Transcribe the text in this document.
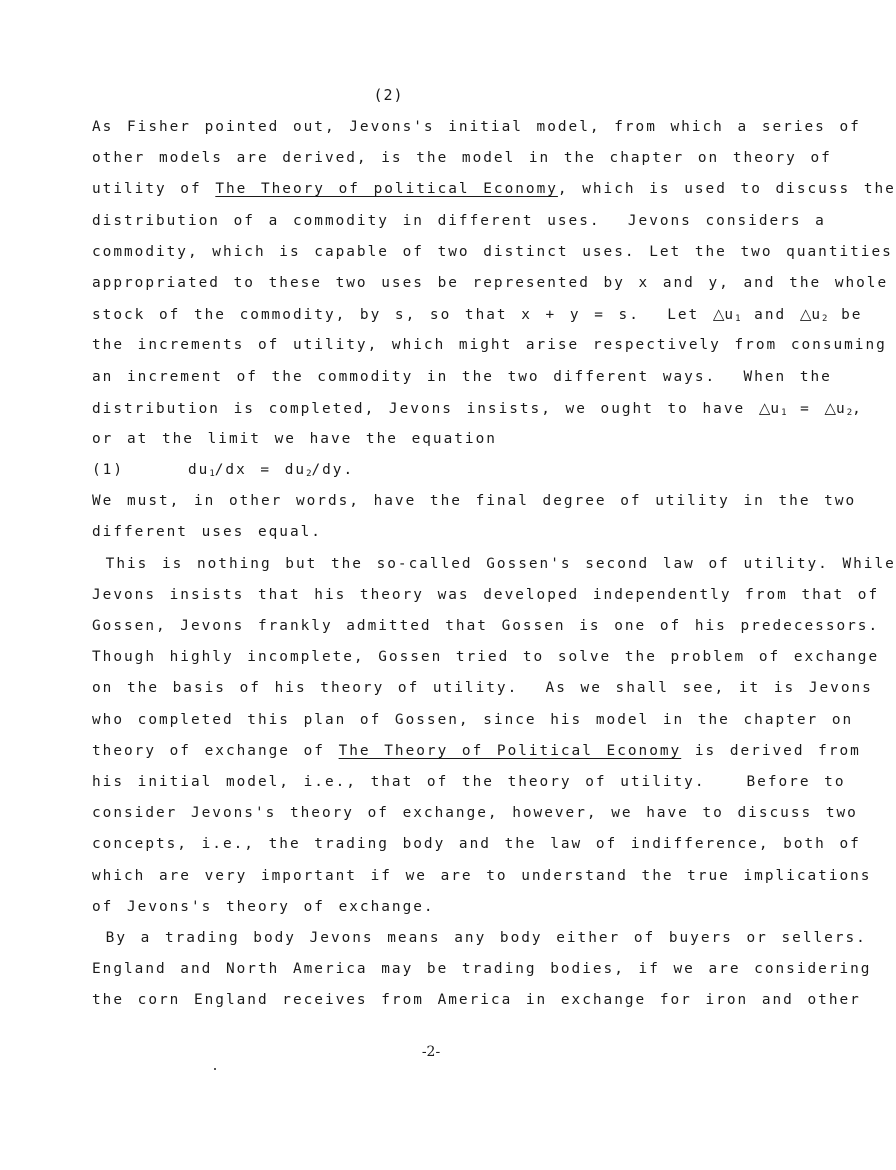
(2)
As Fisher pointed out, Jevons's initial model, from which a series of
other models are derived, is the model in the chapter on theory of
utility of The Theory of political Economy, which is used to discuss the
distribution of a commodity in different uses.  Jevons considers a
commodity, which is capable of two distinct uses. Let the two quantities
appropriated to these two uses be represented by x and y, and the whole
stock of the commodity, by s, so that x + y = s.  Let △u1 and △u2 be
the increments of utility, which might arise respectively from consuming
an increment of the commodity in the two different ways.  When the
distribution is completed, Jevons insists, we ought to have △u1 = △u2,
or at the limit we have the equation
(1)	du1/dx = du2/dy.
We must, in other words, have the final degree of utility in the two
different uses equal.
This is nothing but the so-called Gossen's second law of utility. While
Jevons insists that his theory was developed independently from that of
Gossen, Jevons frankly admitted that Gossen is one of his predecessors.
Though highly incomplete, Gossen tried to solve the problem of exchange
on the basis of his theory of utility.  As we shall see, it is Jevons
who completed this plan of Gossen, since his model in the chapter on
theory of exchange of The Theory of Political Economy is derived from
his initial model, i.e., that of the theory of utility.   Before to
consider Jevons's theory of exchange, however, we have to discuss two
concepts, i.e., the trading body and the law of indifference, both of
which are very important if we are to understand the true implications
of Jevons's theory of exchange.
By a trading body Jevons means any body either of buyers or sellers.
England and North America may be trading bodies, if we are considering
the corn England receives from America in exchange for iron and other
-2-
